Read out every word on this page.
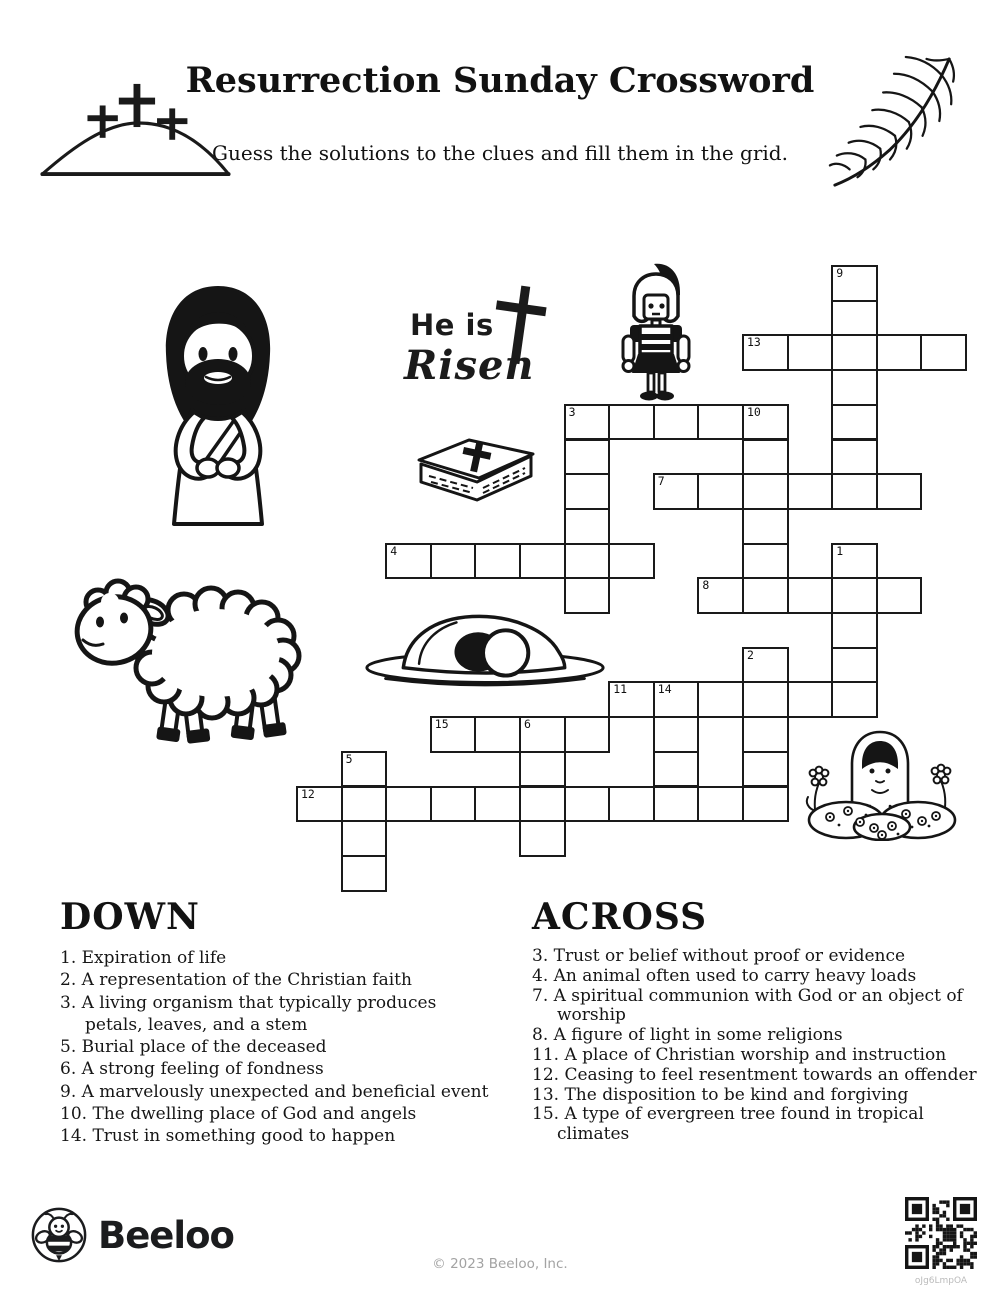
Resurrection Sunday Crossword
Guess the solutions to the clues and fill them in the grid.
9
13
3	10
7
4	1
8
2
11	14
15	6
5
12
He is
Risen
DOWN
1. Expiration of life
2. A representation of the Christian faith
3. A living organism that typically produces petals, leaves, and a stem
5. Burial place of the deceased
6. A strong feeling of fondness
9. A marvelously unexpected and beneficial event
10. The dwelling place of God and angels
14. Trust in something good to happen
ACROSS
3. Trust or belief without proof or evidence
4. An animal often used to carry heavy loads
7. A spiritual communion with God or an object of worship
8. A figure of light in some religions
11. A place of Christian worship and instruction
12. Ceasing to feel resentment towards an offender
13. The disposition to be kind and forgiving
15. A type of evergreen tree found in tropical climates
Beeloo
© 2023 Beeloo, Inc.
oJg6LmpOA
